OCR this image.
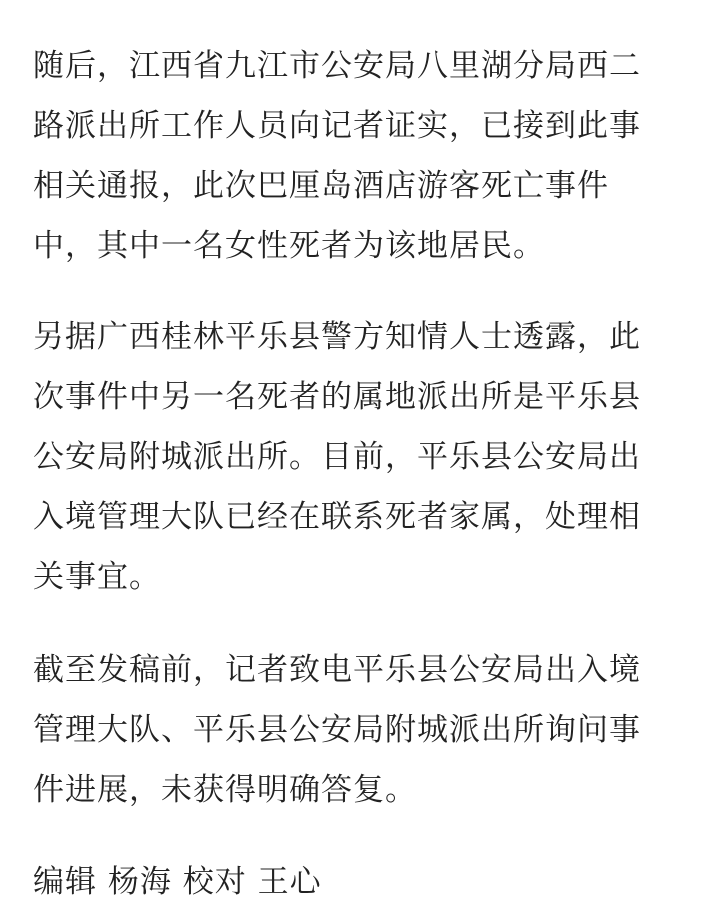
随后，江西省九江市公安局八里湖分局西二
路派出所工作人员向记者证实，已接到此事
相关通报，此次巴厘岛酒店游客死亡事件
中，其中一名女性死者为该地居民。

另据广西桂林平乐县警方知情人士透露，此
次事件中另一名死者的属地派出所是平乐县
公安局附城派出所。目前，平乐县公安局出
入境管理大队已经在联系死者家属，处理相
关事宜。

截至发稿前，记者致电平乐县公安局出入境
管理大队、平乐县公安局附城派出所询问事
件进展，未获得明确答复。

编辑 杨海 校对 王心
